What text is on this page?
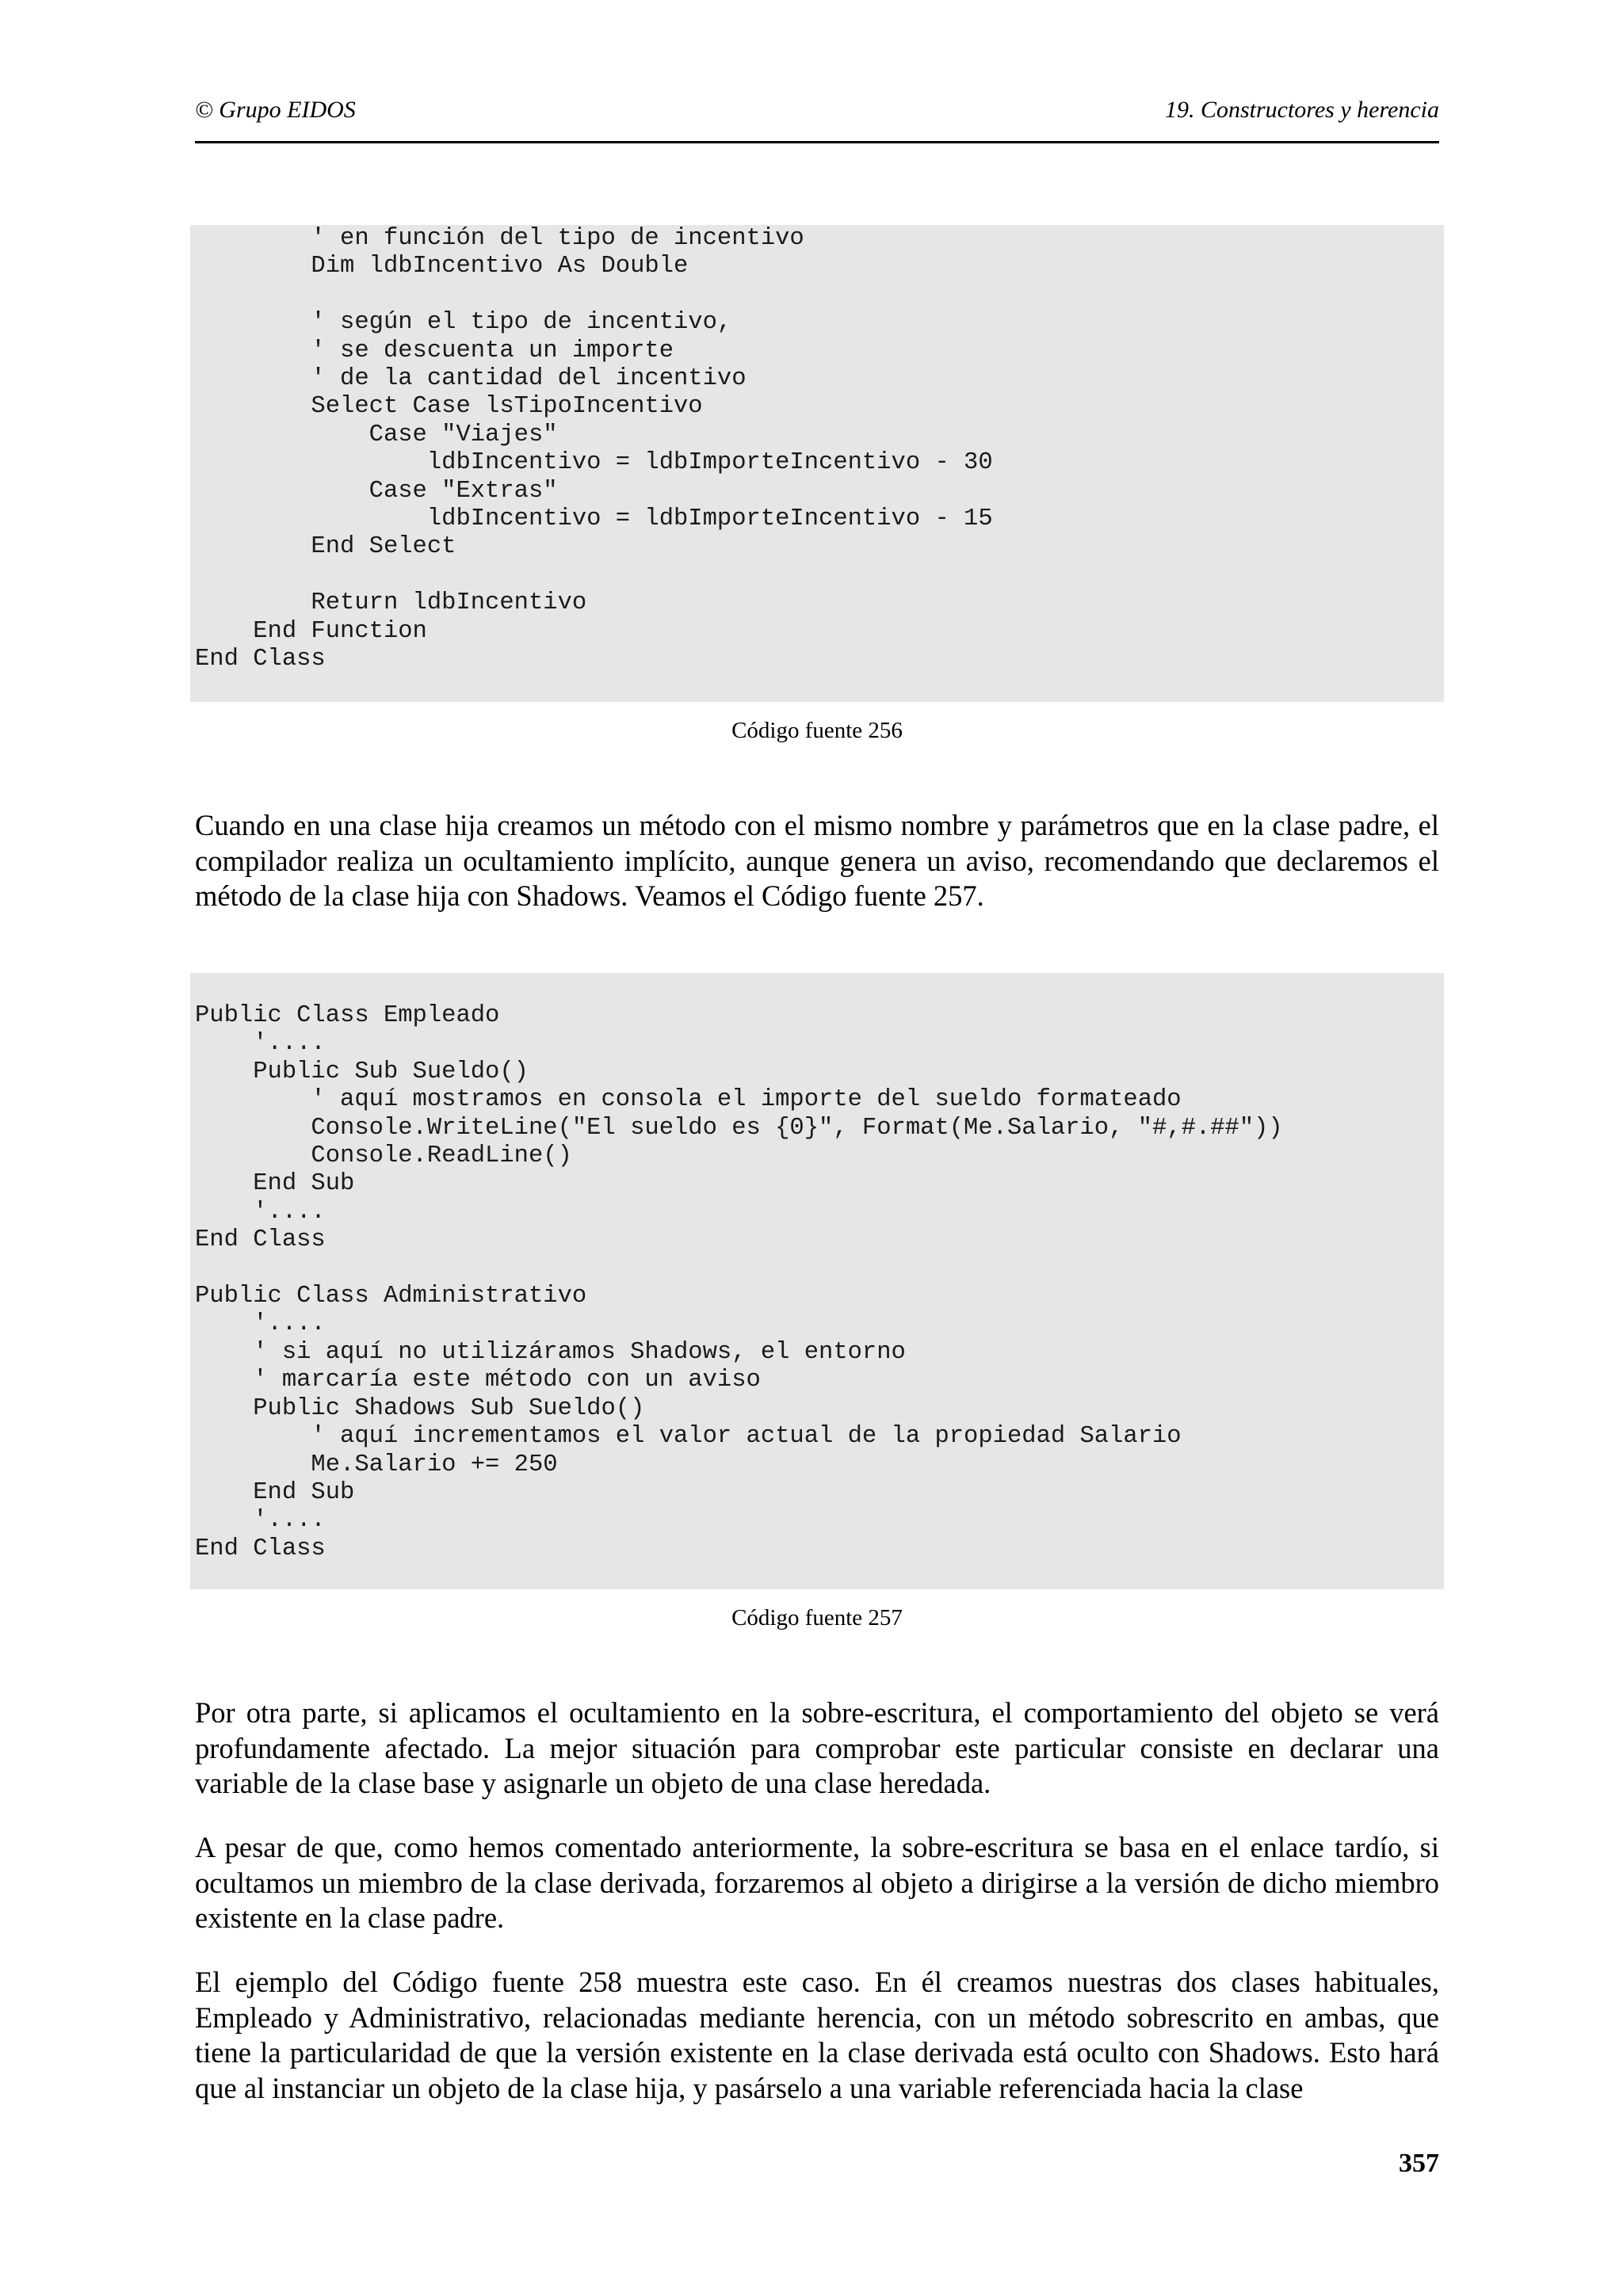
© Grupo EIDOS	19. Constructores y herencia
' en función del tipo de incentivo
Dim ldbIncentivo As Double

' según el tipo de incentivo,
' se descuenta un importe
' de la cantidad del incentivo
Select Case lsTipoIncentivo
Case "Viajes"
ldbIncentivo = ldbImporteIncentivo - 30
Case "Extras"
ldbIncentivo = ldbImporteIncentivo - 15
End Select

Return ldbIncentivo
End Function
End Class
Código fuente 256

Cuando en una clase hija creamos un método con el mismo nombre y parámetros que en la clase padre, el compilador realiza un ocultamiento implícito, aunque genera un aviso, recomendando que declaremos el método de la clase hija con Shadows. Veamos el Código fuente 257.

Public Class Empleado
'....
Public Sub Sueldo()
' aquí mostramos en consola el importe del sueldo formateado
Console.WriteLine("El sueldo es {0}", Format(Me.Salario, "#,#.##"))
Console.ReadLine()
End Sub
'....
End Class

Public Class Administrativo
'....
' si aquí no utilizáramos Shadows, el entorno
' marcaría este método con un aviso
Public Shadows Sub Sueldo()
' aquí incrementamos el valor actual de la propiedad Salario
Me.Salario += 250
End Sub
'....
End Class
Código fuente 257

Por otra parte, si aplicamos el ocultamiento en la sobre-escritura, el comportamiento del objeto se verá profundamente afectado. La mejor situación para comprobar este particular consiste en declarar una variable de la clase base y asignarle un objeto de una clase heredada.

A pesar de que, como hemos comentado anteriormente, la sobre-escritura se basa en el enlace tardío, si ocultamos un miembro de la clase derivada, forzaremos al objeto a dirigirse a la versión de dicho miembro existente en la clase padre.

El ejemplo del Código fuente 258 muestra este caso. En él creamos nuestras dos clases habituales, Empleado y Administrativo, relacionadas mediante herencia, con un método sobrescrito en ambas, que tiene la particularidad de que la versión existente en la clase derivada está oculto con Shadows. Esto hará que al instanciar un objeto de la clase hija, y pasárselo a una variable referenciada hacia la clase

357
